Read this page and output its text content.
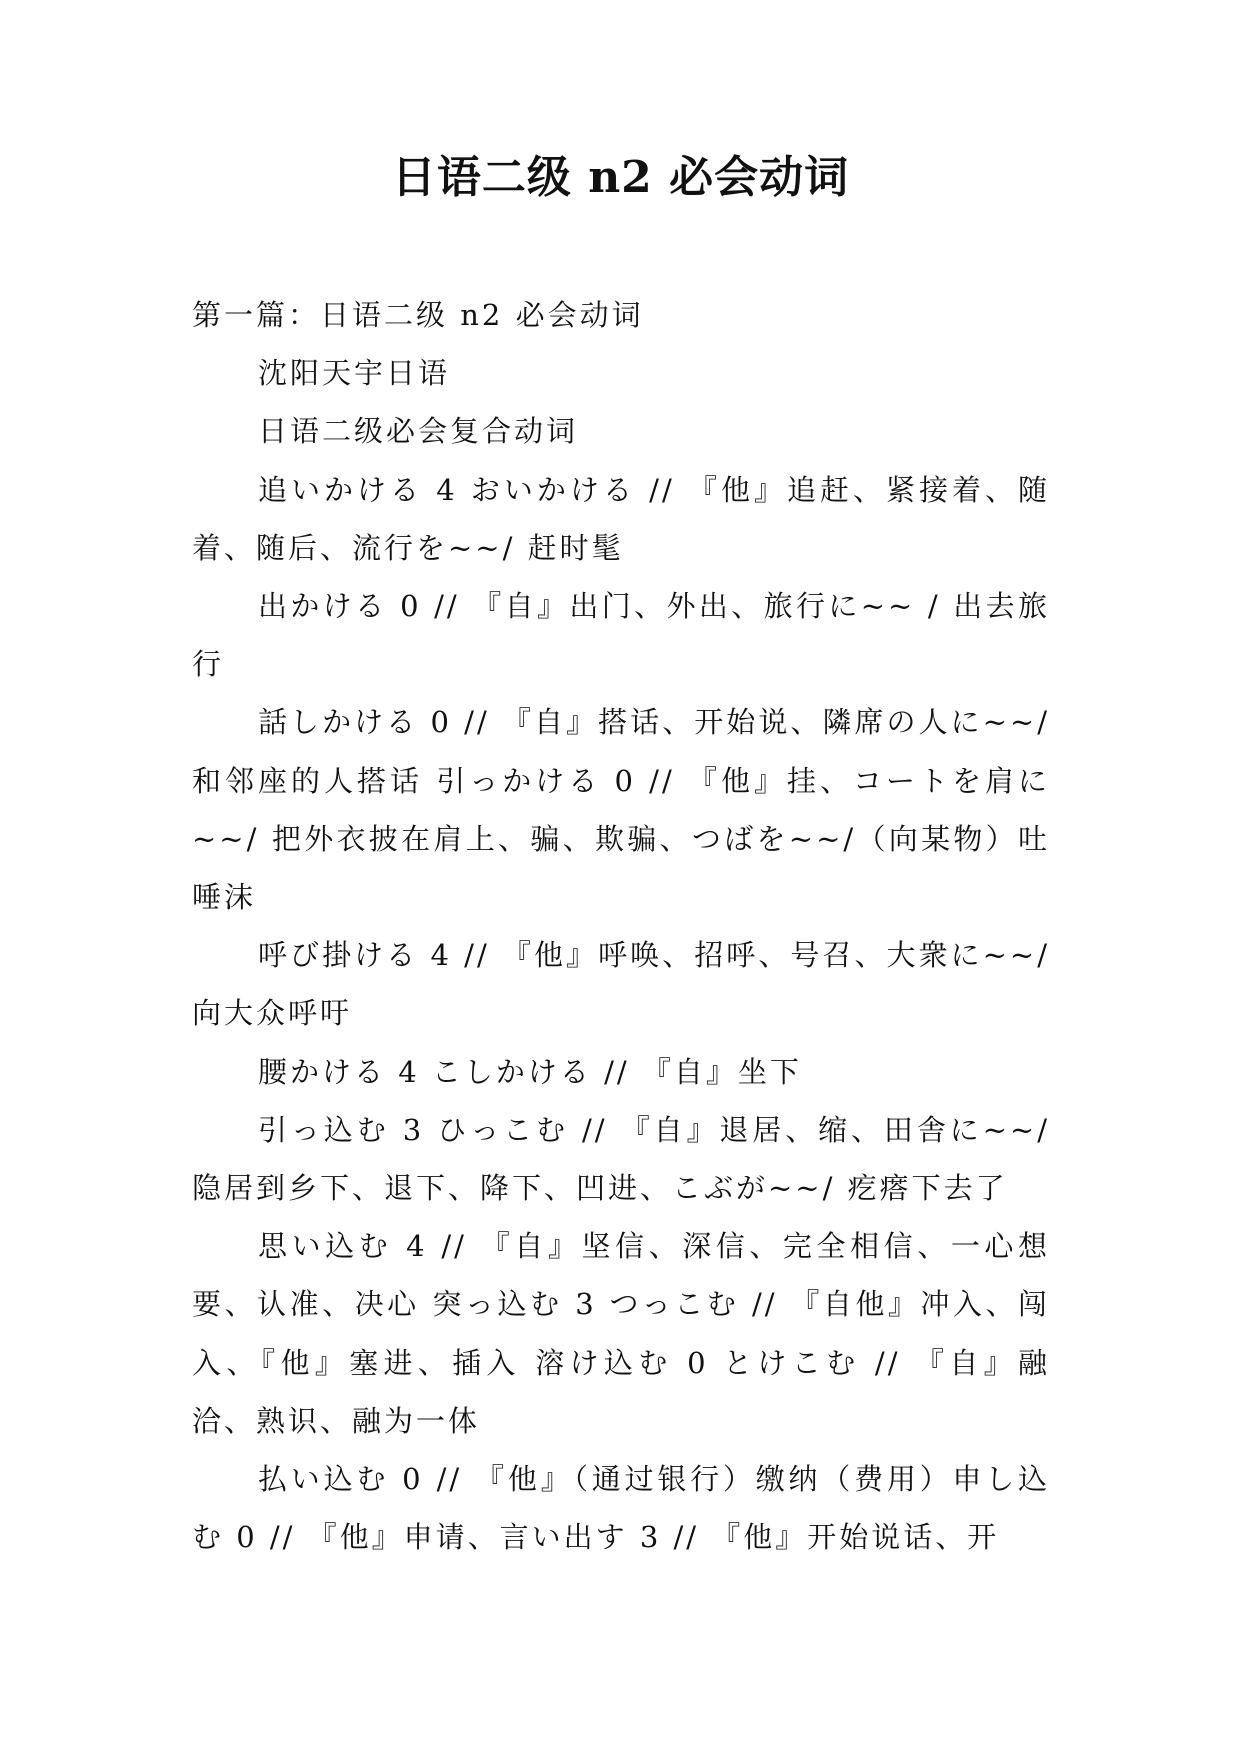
日语二级 n2 必会动词

第一篇：日语二级 n2 必会动词

沈阳天宇日语

日语二级必会复合动词

追いかける 4 おいかける // 『他』追赶、紧接着、随着、随后、流行を~~/ 赶时髦

出かける 0 // 『自』出门、外出、旅行に~~ / 出去旅行

話しかける 0 // 『自』搭话、开始说、隣席の人に~~/ 和邻座的人搭话 引っかける 0 // 『他』挂、コートを肩に~~/ 把外衣披在肩上、骗、欺骗、つばを~~/（向某物）吐唾沫

呼び掛ける 4 // 『他』呼唤、招呼、号召、大衆に~~/ 向大众呼吁

腰かける 4 こしかける // 『自』坐下

引っ込む 3 ひっこむ // 『自』退居、缩、田舎に~~/ 隐居到乡下、退下、降下、凹进、こぶが~~/ 疙瘩下去了

思い込む 4 // 『自』坚信、深信、完全相信、一心想要、认准、决心 突っ込む 3 つっこむ // 『自他』冲入、闯入、『他』塞进、插入 溶け込む 0 とけこむ // 『自』融洽、熟识、融为一体

払い込む 0 // 『他』（通过银行）缴纳（费用）申し込む 0 // 『他』申请、言い出す 3 // 『他』开始说话、开
